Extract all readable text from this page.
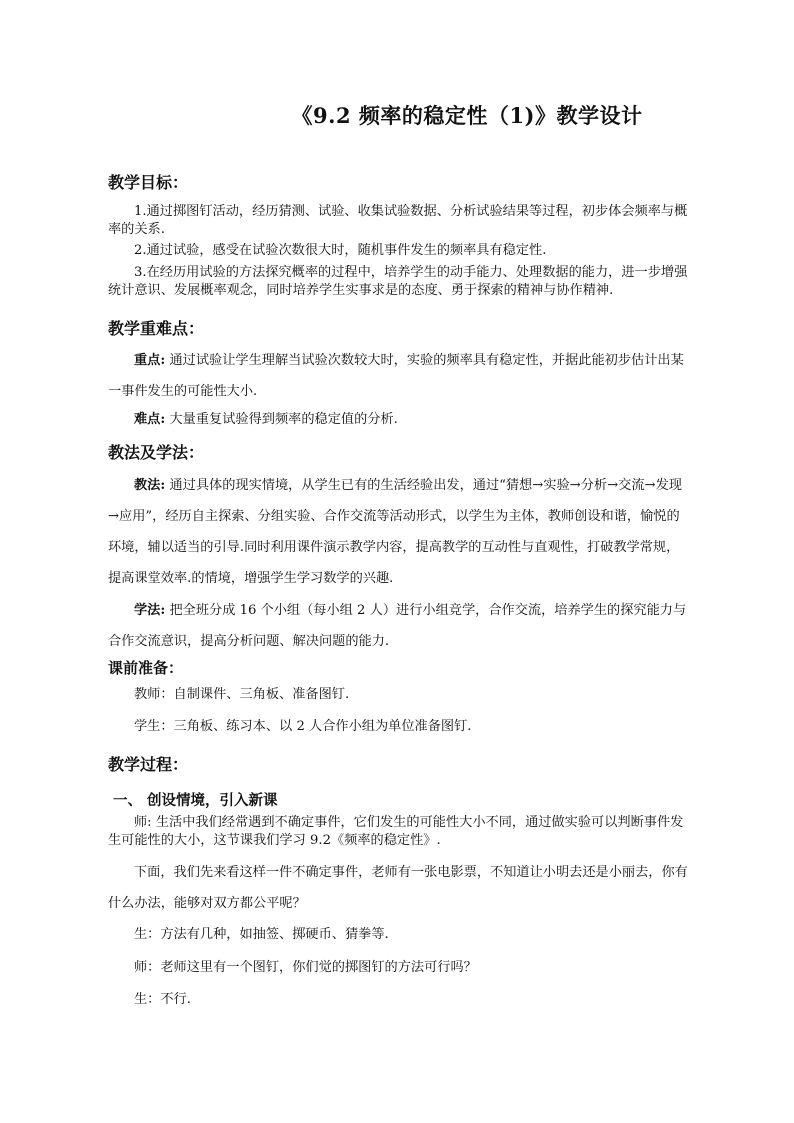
《9.2 频率的稳定性（1)》教学设计
教学目标：
1.通过掷图钉活动，经历猜测、试验、收集试验数据、分析试验结果等过程，初步体会频率与概率的关系.
2.通过试验，感受在试验次数很大时，随机事件发生的频率具有稳定性.
3.在经历用试验的方法探究概率的过程中，培养学生的动手能力、处理数据的能力，进一步增强统计意识、发展概率观念，同时培养学生实事求是的态度、勇于探索的精神与协作精神.
教学重难点：
重点: 通过试验让学生理解当试验次数较大时，实验的频率具有稳定性，并据此能初步估计出某一事件发生的可能性大小.
难点: 大量重复试验得到频率的稳定值的分析.
教法及学法：
教法: 通过具体的现实情境，从学生已有的生活经验出发，通过“猜想→实验→分析→交流→发现→应用”，经历自主探索、分组实验、合作交流等活动形式，以学生为主体，教师创设和谐，愉悦的环境，辅以适当的引导.同时利用课件演示教学内容，提高教学的互动性与直观性，打破教学常规，提高课堂效率.的情境，增强学生学习数学的兴趣.
学法: 把全班分成 16 个小组（每小组 2 人）进行小组竞学，合作交流，培养学生的探究能力与合作交流意识，提高分析问题、解决问题的能力.
课前准备：
教师：自制课件、三角板、准备图钉.
学生：三角板、练习本、以 2 人合作小组为单位准备图钉.
教学过程：
一、 创设情境，引入新课
师: 生活中我们经常遇到不确定事件，它们发生的可能性大小不同，通过做实验可以判断事件发生可能性的大小，这节课我们学习 9.2《频率的稳定性》.
下面，我们先来看这样一件不确定事件，老师有一张电影票，不知道让小明去还是小丽去，你有什么办法，能够对双方都公平呢？
生：方法有几种，如抽签、掷硬币、猜拳等.
师：老师这里有一个图钉，你们觉的掷图钉的方法可行吗？
生：不行.
